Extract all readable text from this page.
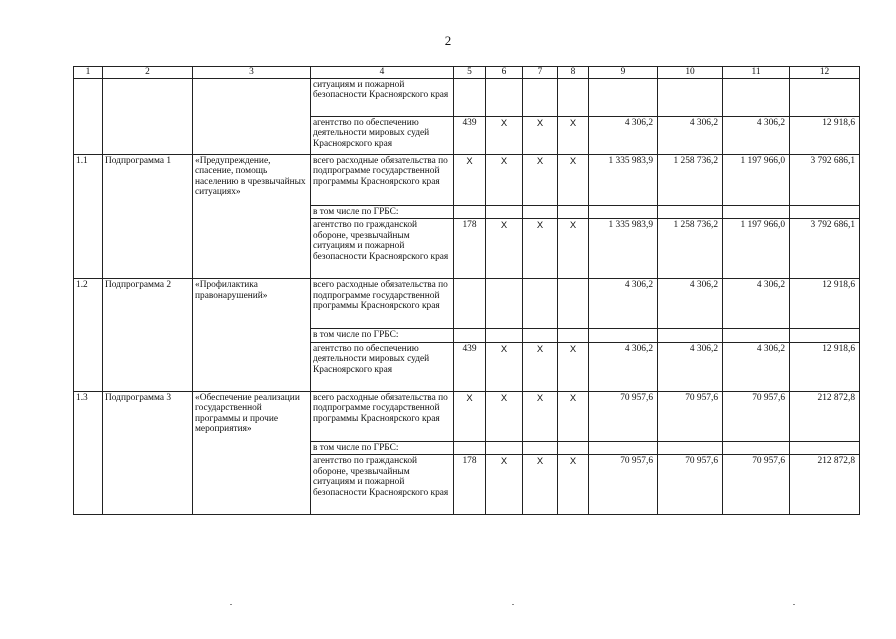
2
1	2	3	4	5	6	7	8	9	10	11	12
			ситуациям и пожарной безопасности Красноярского края								
			агентство по обеспечению деятельности мировых судей Красноярского края	439	X	X	X	4 306,2	4 306,2	4 306,2	12 918,6
1.1	Подпрограмма 1	«Предупреждение, спасение, помощь населению в чрезвычайных ситуациях»	всего расходные обязательства по подпрограмме государственной программы Красноярского края	X	X	X	X	1 335 983,9	1 258 736,2	1 197 966,0	3 792 686,1
			в том числе по ГРБС:								
			агентство по гражданской обороне, чрезвычайным ситуациям и пожарной безопасности Красноярского края	178	X	X	X	1 335 983,9	1 258 736,2	1 197 966,0	3 792 686,1
1.2	Подпрограмма 2	«Профилактика правонарушений»	всего расходные обязательства по подпрограмме государственной программы Красноярского края					4 306,2	4 306,2	4 306,2	12 918,6
			в том числе по ГРБС:								
			агентство по обеспечению деятельности мировых судей Красноярского края	439	X	X	X	4 306,2	4 306,2	4 306,2	12 918,6
1.3	Подпрограмма 3	«Обеспечение реализации государственной программы и прочие мероприятия»	всего расходные обязательства по подпрограмме государственной программы Красноярского края	X	X	X	X	70 957,6	70 957,6	70 957,6	212 872,8
			в том числе по ГРБС:								
			агентство по гражданской обороне, чрезвычайным ситуациям и пожарной безопасности Красноярского края	178	X	X	X	70 957,6	70 957,6	70 957,6	212 872,8
